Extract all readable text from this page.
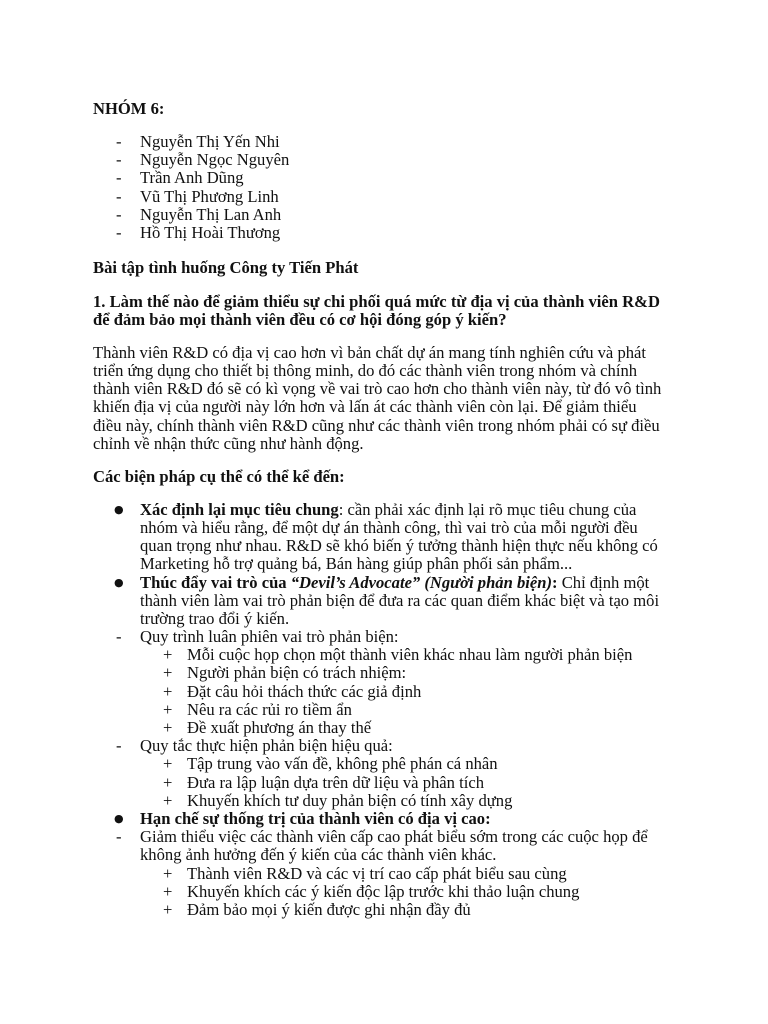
NHÓM 6:
- Nguyễn Thị Yến Nhi
- Nguyễn Ngọc Nguyên
- Trần Anh Dũng
- Vũ Thị Phương Linh
- Nguyễn Thị Lan Anh
- Hồ Thị Hoài Thương
Bài tập tình huống Công ty Tiến Phát
1. Làm thế nào để giảm thiểu sự chi phối quá mức từ địa vị của thành viên R&D
để đảm bảo mọi thành viên đều có cơ hội đóng góp ý kiến?
Thành viên R&D có địa vị cao hơn vì bản chất dự án mang tính nghiên cứu và phát
triển ứng dụng cho thiết bị thông minh, do đó các thành viên trong nhóm và chính
thành viên R&D đó sẽ có kì vọng về vai trò cao hơn cho thành viên này, từ đó vô tình
khiến địa vị của người này lớn hơn và lấn át các thành viên còn lại. Để giảm thiểu
điều này, chính thành viên R&D cũng như các thành viên trong nhóm phải có sự điều
chỉnh về nhận thức cũng như hành động.
Các biện pháp cụ thể có thể kể đến:
● Xác định lại mục tiêu chung: cần phải xác định lại rõ mục tiêu chung của
nhóm và hiểu rằng, để một dự án thành công, thì vai trò của mỗi người đều
quan trọng như nhau. R&D sẽ khó biến ý tưởng thành hiện thực nếu không có
Marketing hỗ trợ quảng bá, Bán hàng giúp phân phối sản phẩm...
● Thúc đẩy vai trò của “Devil’s Advocate” (Người phản biện): Chỉ định một
thành viên làm vai trò phản biện để đưa ra các quan điểm khác biệt và tạo môi
trường trao đổi ý kiến.
- Quy trình luân phiên vai trò phản biện:
+ Mỗi cuộc họp chọn một thành viên khác nhau làm người phản biện
+ Người phản biện có trách nhiệm:
+ Đặt câu hỏi thách thức các giả định
+ Nêu ra các rủi ro tiềm ẩn
+ Đề xuất phương án thay thế
- Quy tắc thực hiện phản biện hiệu quả:
+ Tập trung vào vấn đề, không phê phán cá nhân
+ Đưa ra lập luận dựa trên dữ liệu và phân tích
+ Khuyến khích tư duy phản biện có tính xây dựng
● Hạn chế sự thống trị của thành viên có địa vị cao:
- Giảm thiểu việc các thành viên cấp cao phát biểu sớm trong các cuộc họp để
không ảnh hưởng đến ý kiến của các thành viên khác.
+ Thành viên R&D và các vị trí cao cấp phát biểu sau cùng
+ Khuyến khích các ý kiến độc lập trước khi thảo luận chung
+ Đảm bảo mọi ý kiến được ghi nhận đầy đủ
